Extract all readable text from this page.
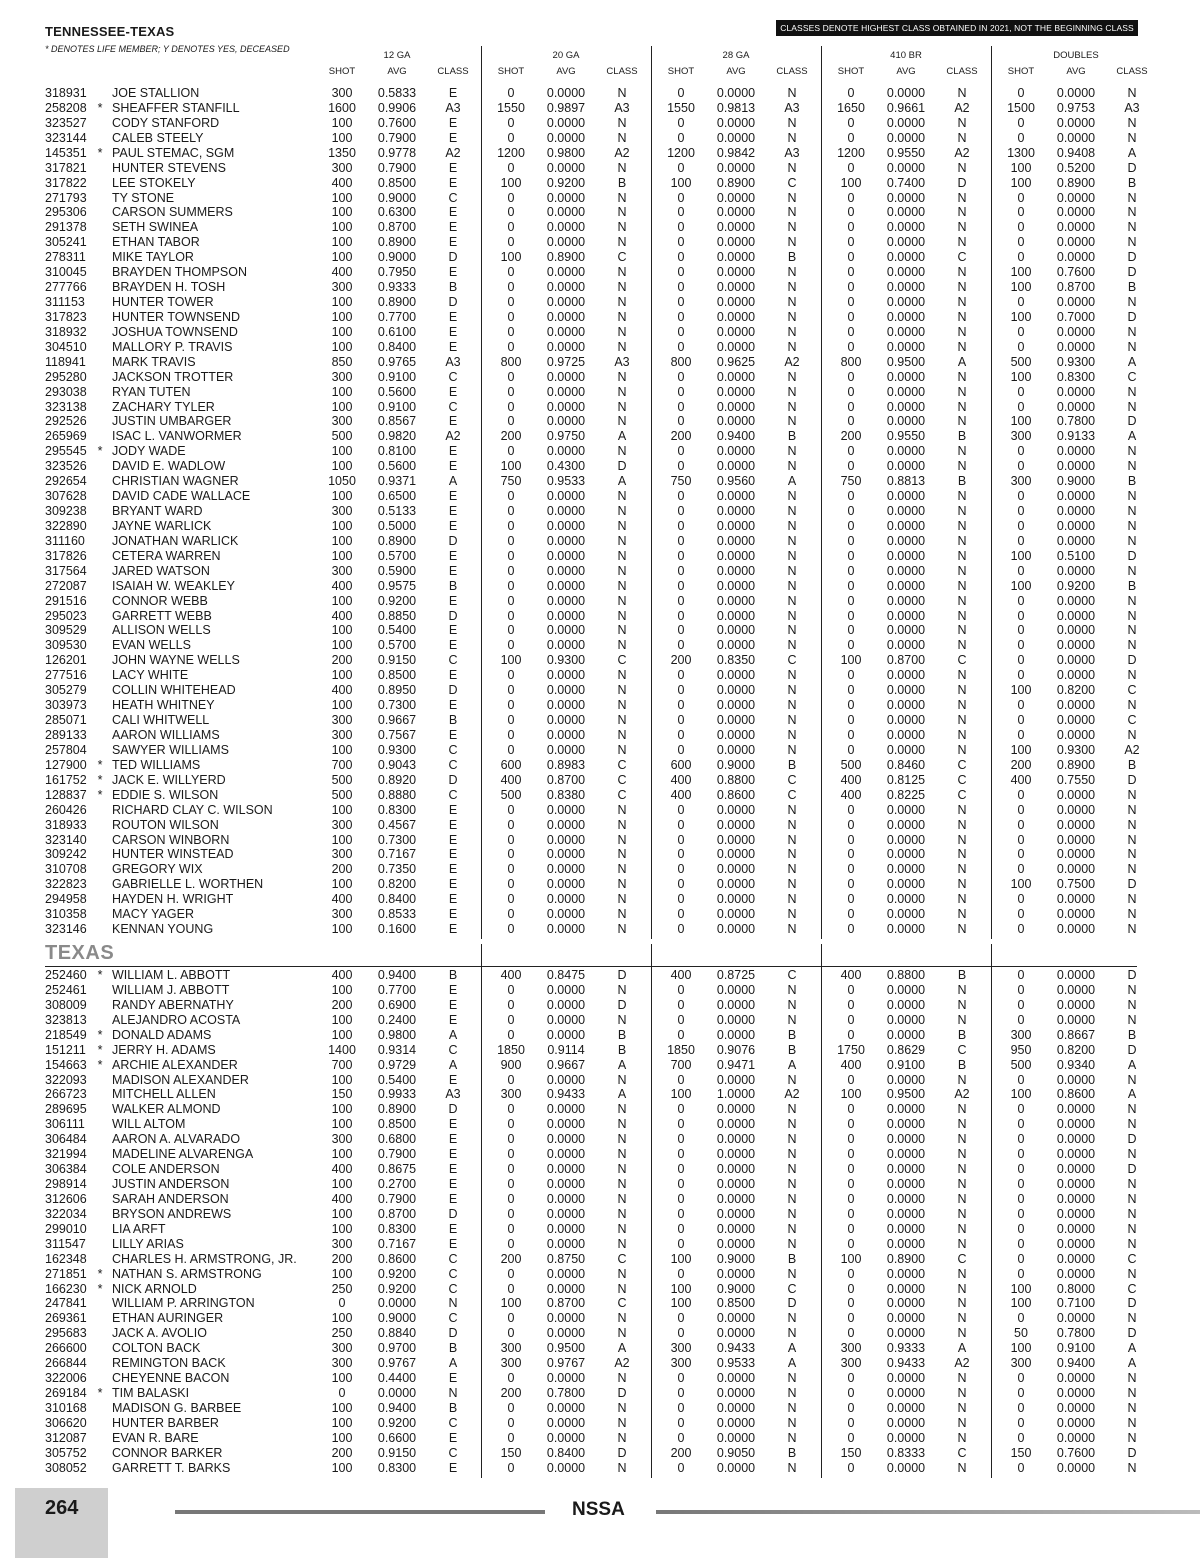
TENNESSEE-TEXAS
* DENOTES LIFE MEMBER; Y DENOTES YES, DECEASED
CLASSES DENOTE HIGHEST CLASS OBTAINED IN 2021, NOT THE BEGINNING CLASS FOR 2022.
12 GA
SHOT	AVG	CLASS
20 GA
SHOT	AVG	CLASS
28 GA
SHOT	AVG	CLASS
410 BR
SHOT	AVG	CLASS
DOUBLES
SHOT	AVG	CLASS
TEXAS
318931 JOE STALLION	300	0.5833	E	0	0.0000	N	0	0.0000	N	0	0.0000	N	0	0.0000	N
258208 * SHEAFFER STANFILL	1600	0.9906	A3	1550	0.9897	A3	1550	0.9813	A3	1650	0.9661	A2	1500	0.9753	A3
323527 CODY STANFORD	100	0.7600	E	0	0.0000	N	0	0.0000	N	0	0.0000	N	0	0.0000	N
323144 CALEB STEELY	100	0.7900	E	0	0.0000	N	0	0.0000	N	0	0.0000	N	0	0.0000	N
145351 * PAUL STEMAC, SGM	1350	0.9778	A2	1200	0.9800	A2	1200	0.9842	A3	1200	0.9550	A2	1300	0.9408	A
317821 HUNTER STEVENS	300	0.7900	E	0	0.0000	N	0	0.0000	N	0	0.0000	N	100	0.5200	D
317822 LEE STOKELY	400	0.8500	E	100	0.9200	B	100	0.8900	C	100	0.7400	D	100	0.8900	B
271793 TY STONE	100	0.9000	C	0	0.0000	N	0	0.0000	N	0	0.0000	N	0	0.0000	N
295306 CARSON SUMMERS	100	0.6300	E	0	0.0000	N	0	0.0000	N	0	0.0000	N	0	0.0000	N
291378 SETH SWINEA	100	0.8700	E	0	0.0000	N	0	0.0000	N	0	0.0000	N	0	0.0000	N
305241 ETHAN TABOR	100	0.8900	E	0	0.0000	N	0	0.0000	N	0	0.0000	N	0	0.0000	N
278311 MIKE TAYLOR	100	0.9000	D	100	0.8900	C	0	0.0000	B	0	0.0000	C	0	0.0000	D
310045 BRAYDEN THOMPSON	400	0.7950	E	0	0.0000	N	0	0.0000	N	0	0.0000	N	100	0.7600	D
277766 BRAYDEN H. TOSH	300	0.9333	B	0	0.0000	N	0	0.0000	N	0	0.0000	N	100	0.8700	B
311153 HUNTER TOWER	100	0.8900	D	0	0.0000	N	0	0.0000	N	0	0.0000	N	0	0.0000	N
317823 HUNTER TOWNSEND	100	0.7700	E	0	0.0000	N	0	0.0000	N	0	0.0000	N	100	0.7000	D
318932 JOSHUA TOWNSEND	100	0.6100	E	0	0.0000	N	0	0.0000	N	0	0.0000	N	0	0.0000	N
304510 MALLORY P. TRAVIS	100	0.8400	E	0	0.0000	N	0	0.0000	N	0	0.0000	N	0	0.0000	N
118941 MARK TRAVIS	850	0.9765	A3	800	0.9725	A3	800	0.9625	A2	800	0.9500	A	500	0.9300	A
295280 JACKSON TROTTER	300	0.9100	C	0	0.0000	N	0	0.0000	N	0	0.0000	N	100	0.8300	C
293038 RYAN TUTEN	100	0.5600	E	0	0.0000	N	0	0.0000	N	0	0.0000	N	0	0.0000	N
323138 ZACHARY TYLER	100	0.9100	C	0	0.0000	N	0	0.0000	N	0	0.0000	N	0	0.0000	N
292526 JUSTIN UMBARGER	300	0.8567	E	0	0.0000	N	0	0.0000	N	0	0.0000	N	100	0.7800	D
265969 ISAC L. VANWORMER	500	0.9820	A2	200	0.9750	A	200	0.9400	B	200	0.9550	B	300	0.9133	A
295545 * JODY WADE	100	0.8100	E	0	0.0000	N	0	0.0000	N	0	0.0000	N	0	0.0000	N
323526 DAVID E. WADLOW	100	0.5600	E	100	0.4300	D	0	0.0000	N	0	0.0000	N	0	0.0000	N
292654 CHRISTIAN WAGNER	1050	0.9371	A	750	0.9533	A	750	0.9560	A	750	0.8813	B	300	0.9000	B
307628 DAVID CADE WALLACE	100	0.6500	E	0	0.0000	N	0	0.0000	N	0	0.0000	N	0	0.0000	N
309238 BRYANT WARD	300	0.5133	E	0	0.0000	N	0	0.0000	N	0	0.0000	N	0	0.0000	N
322890 JAYNE WARLICK	100	0.5000	E	0	0.0000	N	0	0.0000	N	0	0.0000	N	0	0.0000	N
311160 JONATHAN WARLICK	100	0.8900	D	0	0.0000	N	0	0.0000	N	0	0.0000	N	0	0.0000	N
317826 CETERA WARREN	100	0.5700	E	0	0.0000	N	0	0.0000	N	0	0.0000	N	100	0.5100	D
317564 JARED WATSON	300	0.5900	E	0	0.0000	N	0	0.0000	N	0	0.0000	N	0	0.0000	N
272087 ISAIAH W. WEAKLEY	400	0.9575	B	0	0.0000	N	0	0.0000	N	0	0.0000	N	100	0.9200	B
291516 CONNOR WEBB	100	0.9200	E	0	0.0000	N	0	0.0000	N	0	0.0000	N	0	0.0000	N
295023 GARRETT WEBB	400	0.8850	D	0	0.0000	N	0	0.0000	N	0	0.0000	N	0	0.0000	N
309529 ALLISON WELLS	100	0.5400	E	0	0.0000	N	0	0.0000	N	0	0.0000	N	0	0.0000	N
309530 EVAN WELLS	100	0.5700	E	0	0.0000	N	0	0.0000	N	0	0.0000	N	0	0.0000	N
126201 JOHN WAYNE WELLS	200	0.9150	C	100	0.9300	C	200	0.8350	C	100	0.8700	C	0	0.0000	D
277516 LACY WHITE	100	0.8500	E	0	0.0000	N	0	0.0000	N	0	0.0000	N	0	0.0000	N
305279 COLLIN WHITEHEAD	400	0.8950	D	0	0.0000	N	0	0.0000	N	0	0.0000	N	100	0.8200	C
303973 HEATH WHITNEY	100	0.7300	E	0	0.0000	N	0	0.0000	N	0	0.0000	N	0	0.0000	N
285071 CALI WHITWELL	300	0.9667	B	0	0.0000	N	0	0.0000	N	0	0.0000	N	0	0.0000	C
289133 AARON WILLIAMS	300	0.7567	E	0	0.0000	N	0	0.0000	N	0	0.0000	N	0	0.0000	N
257804 SAWYER WILLIAMS	100	0.9300	C	0	0.0000	N	0	0.0000	N	0	0.0000	N	100	0.9300	A2
127900 * TED WILLIAMS	700	0.9043	C	600	0.8983	C	600	0.9000	B	500	0.8460	C	200	0.8900	B
161752 * JACK E. WILLYERD	500	0.8920	D	400	0.8700	C	400	0.8800	C	400	0.8125	C	400	0.7550	D
128837 * EDDIE S. WILSON	500	0.8880	C	500	0.8380	C	400	0.8600	C	400	0.8225	C	0	0.0000	N
260426 RICHARD CLAY C. WILSON	100	0.8300	E	0	0.0000	N	0	0.0000	N	0	0.0000	N	0	0.0000	N
318933 ROUTON WILSON	300	0.4567	E	0	0.0000	N	0	0.0000	N	0	0.0000	N	0	0.0000	N
323140 CARSON WINBORN	100	0.7300	E	0	0.0000	N	0	0.0000	N	0	0.0000	N	0	0.0000	N
309242 HUNTER WINSTEAD	300	0.7167	E	0	0.0000	N	0	0.0000	N	0	0.0000	N	0	0.0000	N
310708 GREGORY WIX	200	0.7350	E	0	0.0000	N	0	0.0000	N	0	0.0000	N	0	0.0000	N
322823 GABRIELLE L. WORTHEN	100	0.8200	E	0	0.0000	N	0	0.0000	N	0	0.0000	N	100	0.7500	D
294958 HAYDEN H. WRIGHT	400	0.8400	E	0	0.0000	N	0	0.0000	N	0	0.0000	N	0	0.0000	N
310358 MACY YAGER	300	0.8533	E	0	0.0000	N	0	0.0000	N	0	0.0000	N	0	0.0000	N
323146 KENNAN YOUNG	100	0.1600	E	0	0.0000	N	0	0.0000	N	0	0.0000	N	0	0.0000	N
252460 * WILLIAM L. ABBOTT	400	0.9400	B	400	0.8475	D	400	0.8725	C	400	0.8800	B	0	0.0000	D
252461 WILLIAM J. ABBOTT	100	0.7700	E	0	0.0000	N	0	0.0000	N	0	0.0000	N	0	0.0000	N
308009 RANDY ABERNATHY	200	0.6900	E	0	0.0000	D	0	0.0000	N	0	0.0000	N	0	0.0000	N
323813 ALEJANDRO ACOSTA	100	0.2400	E	0	0.0000	N	0	0.0000	N	0	0.0000	N	0	0.0000	N
218549 * DONALD ADAMS	100	0.9800	A	0	0.0000	B	0	0.0000	B	0	0.0000	B	300	0.8667	B
151211 * JERRY H. ADAMS	1400	0.9314	C	1850	0.9114	B	1850	0.9076	B	1750	0.8629	C	950	0.8200	D
154663 * ARCHIE ALEXANDER	700	0.9729	A	900	0.9667	A	700	0.9471	A	400	0.9100	B	500	0.9340	A
322093 MADISON ALEXANDER	100	0.5400	E	0	0.0000	N	0	0.0000	N	0	0.0000	N	0	0.0000	N
266723 MITCHELL ALLEN	150	0.9933	A3	300	0.9433	A	100	1.0000	A2	100	0.9500	A2	100	0.8600	A
289695 WALKER ALMOND	100	0.8900	D	0	0.0000	N	0	0.0000	N	0	0.0000	N	0	0.0000	N
306111 WILL ALTOM	100	0.8500	E	0	0.0000	N	0	0.0000	N	0	0.0000	N	0	0.0000	N
306484 AARON A. ALVARADO	300	0.6800	E	0	0.0000	N	0	0.0000	N	0	0.0000	N	0	0.0000	D
321994 MADELINE ALVARENGA	100	0.7900	E	0	0.0000	N	0	0.0000	N	0	0.0000	N	0	0.0000	N
306384 COLE ANDERSON	400	0.8675	E	0	0.0000	N	0	0.0000	N	0	0.0000	N	0	0.0000	D
298914 JUSTIN ANDERSON	100	0.2700	E	0	0.0000	N	0	0.0000	N	0	0.0000	N	0	0.0000	N
312606 SARAH ANDERSON	400	0.7900	E	0	0.0000	N	0	0.0000	N	0	0.0000	N	0	0.0000	N
322034 BRYSON ANDREWS	100	0.8700	D	0	0.0000	N	0	0.0000	N	0	0.0000	N	0	0.0000	N
299010 LIA ARFT	100	0.8300	E	0	0.0000	N	0	0.0000	N	0	0.0000	N	0	0.0000	N
311547 LILLY ARIAS	300	0.7167	E	0	0.0000	N	0	0.0000	N	0	0.0000	N	0	0.0000	N
162348 CHARLES H. ARMSTRONG, JR.	200	0.8600	C	200	0.8750	C	100	0.9000	B	100	0.8900	C	0	0.0000	C
271851 * NATHAN S. ARMSTRONG	100	0.9200	C	0	0.0000	N	0	0.0000	N	0	0.0000	N	0	0.0000	N
166230 * NICK ARNOLD	250	0.9200	C	0	0.0000	N	100	0.9000	C	0	0.0000	N	100	0.8000	C
247841 WILLIAM P. ARRINGTON	0	0.0000	N	100	0.8700	C	100	0.8500	D	0	0.0000	N	100	0.7100	D
269361 ETHAN AURINGER	100	0.9000	C	0	0.0000	N	0	0.0000	N	0	0.0000	N	0	0.0000	N
295683 JACK A. AVOLIO	250	0.8840	D	0	0.0000	N	0	0.0000	N	0	0.0000	N	50	0.7800	D
266600 COLTON BACK	300	0.9700	B	300	0.9500	A	300	0.9433	A	300	0.9333	A	100	0.9100	A
266844 REMINGTON BACK	300	0.9767	A	300	0.9767	A2	300	0.9533	A	300	0.9433	A2	300	0.9400	A
322006 CHEYENNE BACON	100	0.4400	E	0	0.0000	N	0	0.0000	N	0	0.0000	N	0	0.0000	N
269184 * TIM BALASKI	0	0.0000	N	200	0.7800	D	0	0.0000	N	0	0.0000	N	0	0.0000	N
310168 MADISON G. BARBEE	100	0.9400	B	0	0.0000	N	0	0.0000	N	0	0.0000	N	0	0.0000	N
306620 HUNTER BARBER	100	0.9200	C	0	0.0000	N	0	0.0000	N	0	0.0000	N	0	0.0000	N
312087 EVAN R. BARE	100	0.6600	E	0	0.0000	N	0	0.0000	N	0	0.0000	N	0	0.0000	N
305752 CONNOR BARKER	200	0.9150	C	150	0.8400	D	200	0.9050	B	150	0.8333	C	150	0.7600	D
308052 GARRETT T. BARKS	100	0.8300	E	0	0.0000	N	0	0.0000	N	0	0.0000	N	0	0.0000	N
264	NSSA
